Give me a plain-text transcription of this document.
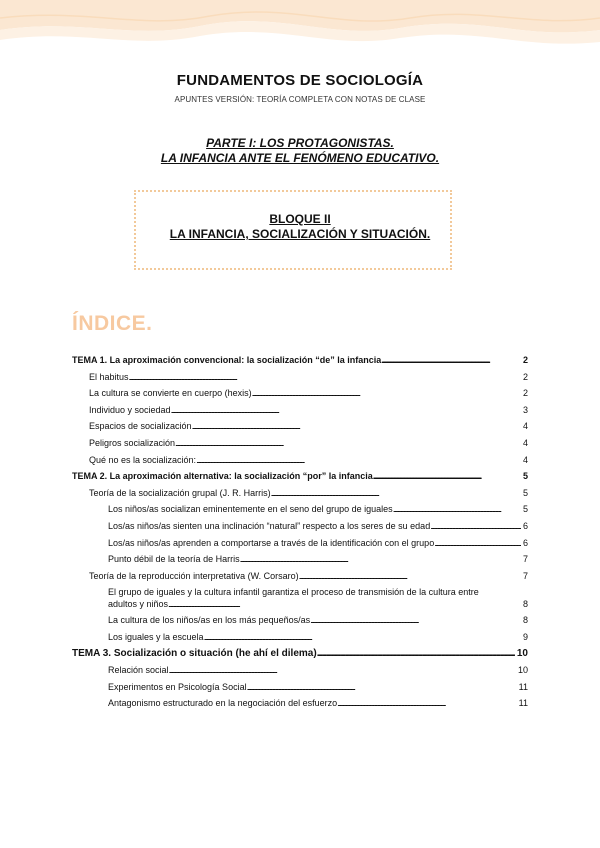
FUNDAMENTOS DE SOCIOLOGÍA
APUNTES VERSIÓN: TEORÍA COMPLETA CON NOTAS DE CLASE
PARTE I: LOS PROTAGONISTAS.
LA INFANCIA ANTE EL FENÓMENO EDUCATIVO.
BLOQUE II
LA INFANCIA, SOCIALIZACIÓN Y SITUACIÓN.
ÍNDICE.
TEMA 1. La aproximación convencional: la socialización “de” la infancia . . .	2
El habitus . . .	2
La cultura se convierte en cuerpo (hexis) . . .	2
Individuo y sociedad . . .	3
Espacios de socialización . . .	4
Peligros socialización . . .	4
Qué no es la socialización: . . .	4
TEMA 2. La aproximación alternativa: la socialización “por” la infancia . . .	5
Teoría de la socialización grupal (J. R. Harris) . . .	5
Los niños/as socializan eminentemente en el seno del grupo de iguales . . .	5
Los/as niños/as sienten una inclinación “natural” respecto a los seres de su edad . . .	6
Los/as niños/as aprenden a comportarse a través de la identificación con el grupo . . .	6
Punto débil de la teoría de Harris . . .	7
Teoría de la reproducción interpretativa (W. Corsaro) . . .	7
El grupo de iguales y la cultura infantil garantiza el proceso de transmisión de la cultura entre
adultos y niños . . .	8
La cultura de los niños/as en los más pequeños/as . . .	8
Los iguales y la escuela . . .	9
TEMA 3. Socialización o situación (he ahí el dilema) . . .	10
Relación social . . .	10
Experimentos en Psicología Social . . .	11
Antagonismo estructurado en la negociación del esfuerzo . . .	11
